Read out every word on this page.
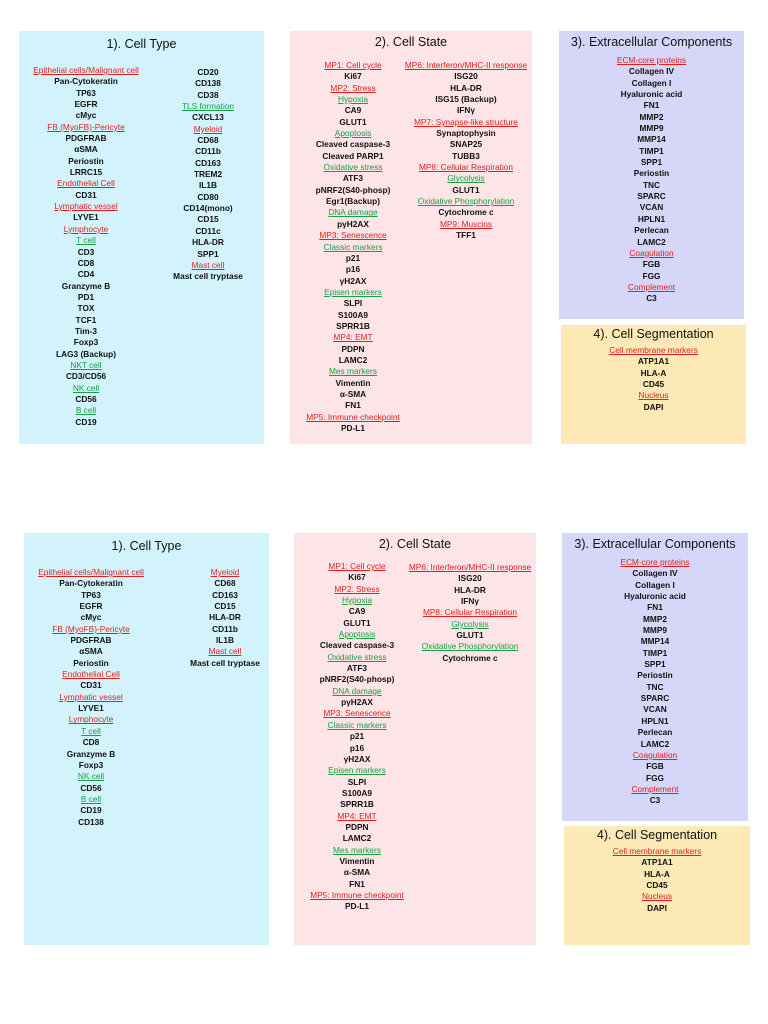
1). Cell Type
Epithelial cells/Malignant cell
Pan-Cytokeratin
TP63
EGFR
cMyc
FB (MyoFB)-Pericyte
PDGFRAB
αSMA
Periostin
LRRC15
Endothelial Cell
CD31
Lymphatic vessel
LYVE1
Lymphocyte
T cell
CD3
CD8
CD4
Granzyme B
PD1
TOX
TCF1
Tim-3
Foxp3
LAG3 (Backup)
NKT cell
CD3/CD56
NK cell
CD56
B cell
CD19
CD20
CD138
CD38
TLS formation
CXCL13
Myeloid
CD68
CD11b
CD163
TREM2
IL1B
CD80
CD14(mono)
CD15
CD11c
HLA-DR
SPP1
Mast cell
Mast cell tryptase
2). Cell State
MP1: Cell cycle
Ki67
MP2: Stress
Hypoxia
CA9
GLUT1
Apoptosis
Cleaved caspase-3
Cleaved PARP1
Oxidative stress
ATF3
pNRF2(S40-phosp)
Egr1(Backup)
DNA damage
pγH2AX
MP3: Senescence
Classic markers
p21
p16
γH2AX
Episen markers
SLPI
S100A9
SPRR1B
MP4: EMT
PDPN
LAMC2
Mes markers
Vimentin
α-SMA
FN1
MP5: Immune checkpoint
PD-L1
MP6: Interferon/MHC-II response
ISG20
HLA-DR
ISG15 (Backup)
IFNγ
MP7: Synapse-like structure
Synaptophysin
SNAP25
TUBB3
MP8: Cellular Respiration
Glycolysis
GLUT1
Oxidative Phosphorylation
Cytochrome c
MP9: Muscins
TFF1
3). Extracellular Components
ECM-core proteins
Collagen IV
Collagen I
Hyaluronic acid
FN1
MMP2
MMP9
MMP14
TIMP1
SPP1
Periostin
TNC
SPARC
VCAN
HPLN1
Perlecan
LAMC2
Coagulation
FGB
FGG
Complement
C3
4). Cell Segmentation
Cell membrane markers
ATP1A1
HLA-A
CD45
Nucleus
DAPI
1). Cell Type
Epithelial cells/Malignant cell
Pan-Cytokeratin
TP63
EGFR
cMyc
FB (MyoFB)-Pericyte
PDGFRAB
αSMA
Periostin
Endothelial Cell
CD31
Lymphatic vessel
LYVE1
Lymphocyte
T cell
CD8
Granzyme B
Foxp3
NK cell
CD56
B cell
CD19
CD138
Myeloid
CD68
CD163
CD15
HLA-DR
CD11b
IL1B
Mast cell
Mast cell tryptase
2). Cell State
MP1: Cell cycle
Ki67
MP2: Stress
Hypoxia
CA9
GLUT1
Apoptosis
Cleaved caspase-3
Oxidative stress
ATF3
pNRF2(S40-phosp)
DNA damage
pγH2AX
MP3: Senescence
Classic markers
p21
p16
γH2AX
Episen markers
SLPI
S100A9
SPRR1B
MP4: EMT
PDPN
LAMC2
Mes markers
Vimentin
α-SMA
FN1
MP5: Immune checkpoint
PD-L1
MP6: Interferon/MHC-II response
ISG20
HLA-DR
IFNγ
MP8: Cellular Respiration
Glycolysis
GLUT1
Oxidative Phosphorylation
Cytochrome c
3). Extracellular Components
ECM-core proteins
Collagen IV
Collagen I
Hyaluronic acid
FN1
MMP2
MMP9
MMP14
TIMP1
SPP1
Periostin
TNC
SPARC
VCAN
HPLN1
Perlecan
LAMC2
Coagulation
FGB
FGG
Complement
C3
4). Cell Segmentation
Cell membrane markers
ATP1A1
HLA-A
CD45
Nucleus
DAPI
